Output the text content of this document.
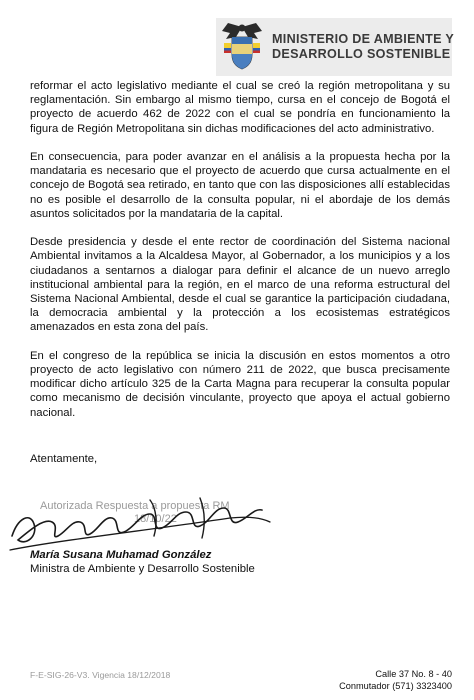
MINISTERIO DE AMBIENTE Y
DESARROLLO SOSTENIBLE

reformar el acto legislativo mediante el cual se creó la región metropolitana y su reglamentación. Sin embargo al mismo tiempo, cursa en el concejo de Bogotá el proyecto de acuerdo 462 de 2022 con el cual se pondría en funcionamiento la figura de Región Metropolitana sin dichas modificaciones del acto administrativo.

En consecuencia, para poder avanzar en el análisis a la propuesta hecha por la mandataria es necesario que el proyecto de acuerdo que cursa actualmente en el concejo de Bogotá sea retirado, en tanto que con las disposiciones allí establecidas no es posible el desarrollo de la consulta popular, ni el abordaje de los demás asuntos solicitados por la mandataria de la capital.

Desde presidencia y desde el ente rector de coordinación del Sistema nacional Ambiental invitamos a la Alcaldesa Mayor, al Gobernador, a los municipios y a los ciudadanos a sentarnos a dialogar para definir el alcance de un nuevo arreglo institucional ambiental para la región, en el marco de una reforma estructural del Sistema Nacional Ambiental, desde el cual se garantice la participación ciudadana, la democracia ambiental y la protección a los ecosistemas estratégicos amenazados en esta zona del país.

En el congreso de la república se inicia la discusión en estos momentos a otro proyecto de acto legislativo con número 211 de 2022, que busca precisamente modificar dicho artículo 325 de la Carta Magna para recuperar la consulta popular como mecanismo de decisión vinculante, proyecto que apoya el actual gobierno nacional.

Atentamente,
Autorizada Respuesta a propuesta RM
18/10/22
María Susana Muhamad González
Ministra de Ambiente y Desarrollo Sostenible
F-E-SIG-26-V3. Vigencia 18/12/2018	Calle 37 No. 8 - 40
Conmutador (571) 3323400
